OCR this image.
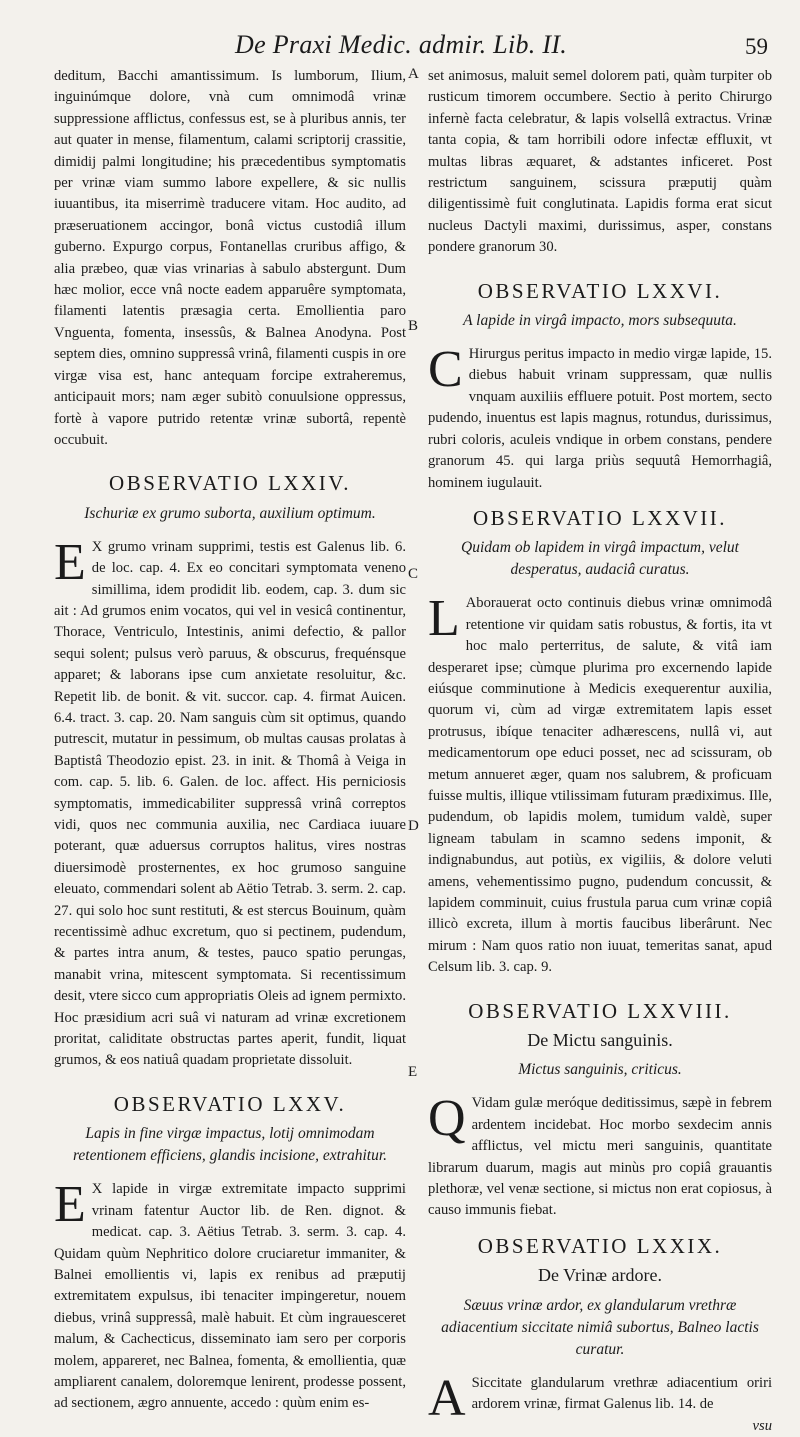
De Praxi Medic. admir. Lib. II.	59
A
B
C
D
E

deditum, Bacchi amantissimum. Is lumborum, Ilium, inguinúmque dolore, vnà cum omnimodâ vrinæ suppressione afflictus, confessus est, se à pluribus annis, ter aut quater in mense, filamentum, calami scriptorij crassitie, dimidij palmi longitudine; his præcedentibus symptomatis per vrinæ viam summo labore expellere, & sic nullis iuuantibus, ita miserrimè traducere vitam. Hoc audito, ad præseruationem accingor, bonâ victus custodiâ illum guberno. Expurgo corpus, Fontanellas cruribus affigo, & alia præbeo, quæ vias vrinarias à sabulo abstergunt. Dum hæc molior, ecce vnâ nocte eadem apparuêre symptomata, filamenti latentis præsagia certa. Emollientia paro Vnguenta, fomenta, insessûs, & Balnea Anodyna. Post septem dies, omnino suppressâ vrinâ, filamenti cuspis in ore virgæ visa est, hanc antequam forcipe extraheremus, anticipauit mors; nam æger subitò conuulsione oppressus, fortè à vapore putrido retentæ vrinæ subortâ, repentè occubuit.

OBSERVATIO LXXIV.
Ischuriæ ex grumo suborta, auxilium optimum.

E X grumo vrinam supprimi, testis est Galenus lib. 6. de loc. cap. 4. Ex eo concitari symptomata veneno simillima, idem prodidit lib. eodem, cap. 3. dum sic ait : Ad grumos enim vocatos, qui vel in vesicâ continentur, Thorace, Ventriculo, Intestinis, animi defectio, & pallor sequi solent; pulsus verò paruus, & obscurus, frequénsque apparet; & laborans ipse cum anxietate resoluitur, &c. Repetit lib. de bonit. & vit. succor. cap. 4. firmat Auicen. 6.4. tract. 3. cap. 20. Nam sanguis cùm sit optimus, quando putrescit, mutatur in pessimum, ob multas causas prolatas à Baptistâ Theodozio epist. 23. in init. & Thomâ à Veiga in com. cap. 5. lib. 6. Galen. de loc. affect. His perniciosis symptomatis, immedicabiliter suppressâ vrinâ correptos vidi, quos nec communia auxilia, nec Cardiaca iuuare poterant, quæ aduersus corruptos halitus, vires nostras diuersimodè prosternentes, ex hoc grumoso sanguine eleuato, commendari solent ab Aëtio Tetrab. 3. serm. 2. cap. 27. qui solo hoc sunt restituti, & est stercus Bouinum, quàm recentissimè adhuc excretum, quo si pectinem, pudendum, & partes intra anum, & testes, pauco spatio perungas, manabit vrina, mitescent symptomata. Si recentissimum desit, vtere sicco cum appropriatis Oleis ad ignem permixto. Hoc præsidium acri suâ vi naturam ad vrinæ excretionem proritat, caliditate obstructas partes aperit, fundit, liquat grumos, & eos natiuâ quadam proprietate dissoluit.

OBSERVATIO LXXV.
Lapis in fine virgæ impactus, lotij omnimodam retentionem efficiens, glandis incisione, extrahitur.

E X lapide in virgæ extremitate impacto supprimi vrinam fatentur Auctor lib. de Ren. dignot. & medicat. cap. 3. Aëtius Tetrab. 3. serm. 3. cap. 4. Quidam quùm Nephritico dolore cruciaretur immaniter, & Balnei emollientis vi, lapis ex renibus ad præputij extremitatem expulsus, ibi tenaciter impingeretur, nouem diebus, vrinâ suppressâ, malè habuit. Et cùm ingrauesceret malum, & Cachecticus, disseminato iam sero per corporis molem, appareret, nec Balnea, fomenta, & emollientia, quæ ampliarent canalem, doloremque lenirent, prodesse possent, ad sectionem, ægro annuente, accedo : quùm enim es-

set animosus, maluit semel dolorem pati, quàm turpiter ob rusticum timorem occumbere. Sectio à perito Chirurgo infernè facta celebratur, & lapis volsellâ extractus. Vrinæ tanta copia, & tam horribili odore infectæ effluxit, vt multas libras æquaret, & adstantes inficeret. Post restrictum sanguinem, scissura præputij quàm diligentissimè fuit conglutinata. Lapidis forma erat sicut nucleus Dactyli maximi, durissimus, asper, constans pondere granorum 30.

OBSERVATIO LXXVI.
A lapide in virgâ impacto, mors subsequuta.

C Hirurgus peritus impacto in medio virgæ lapide, 15. diebus habuit vrinam suppressam, quæ nullis vnquam auxiliis effluere potuit. Post mortem, secto pudendo, inuentus est lapis magnus, rotundus, durissimus, rubri coloris, aculeis vndique in orbem constans, pendere granorum 45. qui larga priùs sequutâ Hemorrhagiâ, hominem iugulauit.

OBSERVATIO LXXVII.
Quidam ob lapidem in virgâ impactum, velut desperatus, audaciâ curatus.

L Aborauerat octo continuis diebus vrinæ omnimodâ retentione vir quidam satis robustus, & fortis, ita vt hoc malo perterritus, de salute, & vitâ iam desperaret ipse; cùmque plurima pro excernendo lapide eiúsque comminutione à Medicis exequerentur auxilia, quorum vi, cùm ad virgæ extremitatem lapis esset protrusus, ibíque tenaciter adhærescens, nullâ vi, aut medicamentorum ope educi posset, nec ad scissuram, ob metum annueret æger, quam nos salubrem, & proficuam fuisse multis, illique vtilissimam futuram prædiximus. Ille, pudendum, ob lapidis molem, tumidum valdè, super ligneam tabulam in scamno sedens imponit, & indignabundus, aut potiùs, ex vigiliis, & dolore veluti amens, vehementissimo pugno, pudendum concussit, & lapidem comminuit, cuius frustula parua cum vrinæ copiâ illicò excreta, illum à mortis faucibus liberârunt. Nec mirum : Nam quos ratio non iuuat, temeritas sanat, apud Celsum lib. 3. cap. 9.

OBSERVATIO LXXVIII.
De Mictu sanguinis.
Mictus sanguinis, criticus.

Q Vidam gulæ meróque deditissimus, sæpè in febrem ardentem incidebat. Hoc morbo sexdecim annis afflictus, vel mictu meri sanguinis, quantitate librarum duarum, magis aut minùs pro copiâ grauantis plethoræ, vel venæ sectione, si mictus non erat copiosus, à causo immunis fiebat.

OBSERVATIO LXXIX.
De Vrinæ ardore.
Sæuus vrinæ ardor, ex glandularum vrethræ adiacentium siccitate nimiâ subortus, Balneo lactis curatur.

A Siccitate glandularum vrethræ adiacentium oriri ardorem vrinæ, firmat Galenus lib. 14. de

vsu
